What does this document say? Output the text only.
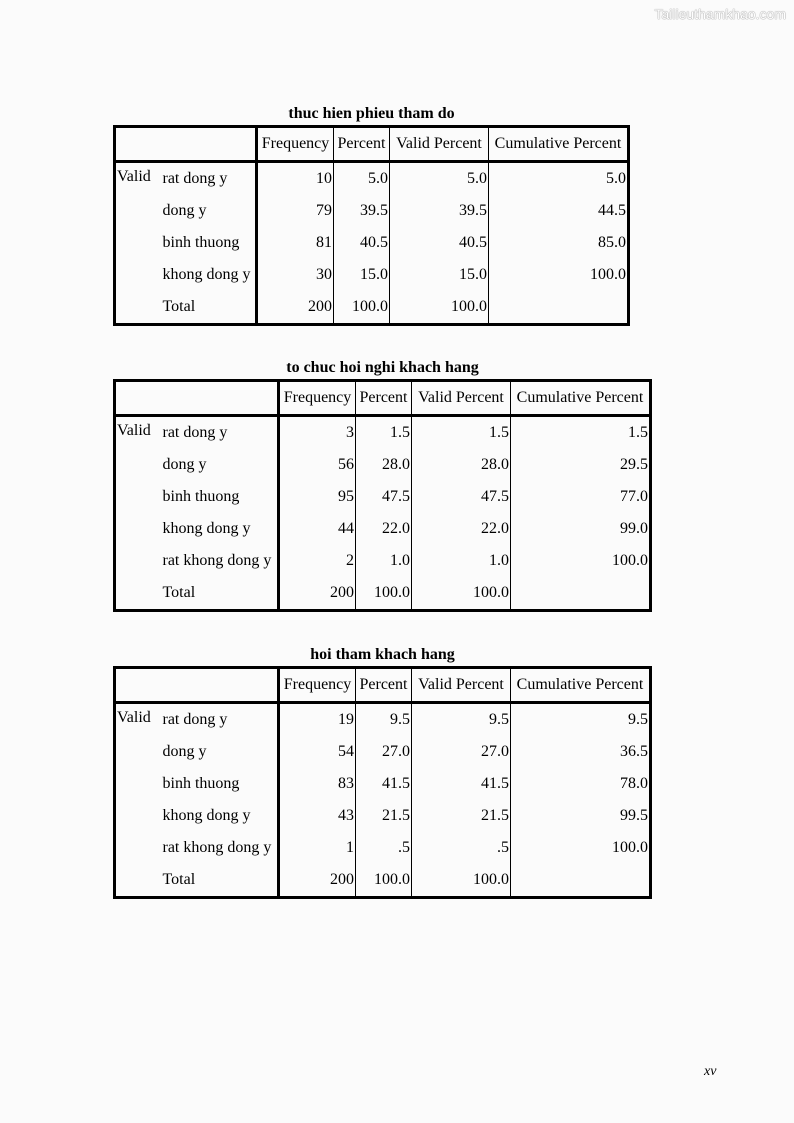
Tailieuthamkhao.com
thuc hien phieu tham do
		Frequency	Percent	Valid Percent	Cumulative Percent
Valid	rat dong y	10	5.0	5.0	5.0
	dong y	79	39.5	39.5	44.5
	binh thuong	81	40.5	40.5	85.0
	khong dong y	30	15.0	15.0	100.0
	Total	200	100.0	100.0	
to chuc hoi nghi khach hang
		Frequency	Percent	Valid Percent	Cumulative Percent
Valid	rat dong y	3	1.5	1.5	1.5
	dong y	56	28.0	28.0	29.5
	binh thuong	95	47.5	47.5	77.0
	khong dong y	44	22.0	22.0	99.0
	rat khong dong y	2	1.0	1.0	100.0
	Total	200	100.0	100.0	
hoi tham khach hang
		Frequency	Percent	Valid Percent	Cumulative Percent
Valid	rat dong y	19	9.5	9.5	9.5
	dong y	54	27.0	27.0	36.5
	binh thuong	83	41.5	41.5	78.0
	khong dong y	43	21.5	21.5	99.5
	rat khong dong y	1	.5	.5	100.0
	Total	200	100.0	100.0	
xv
